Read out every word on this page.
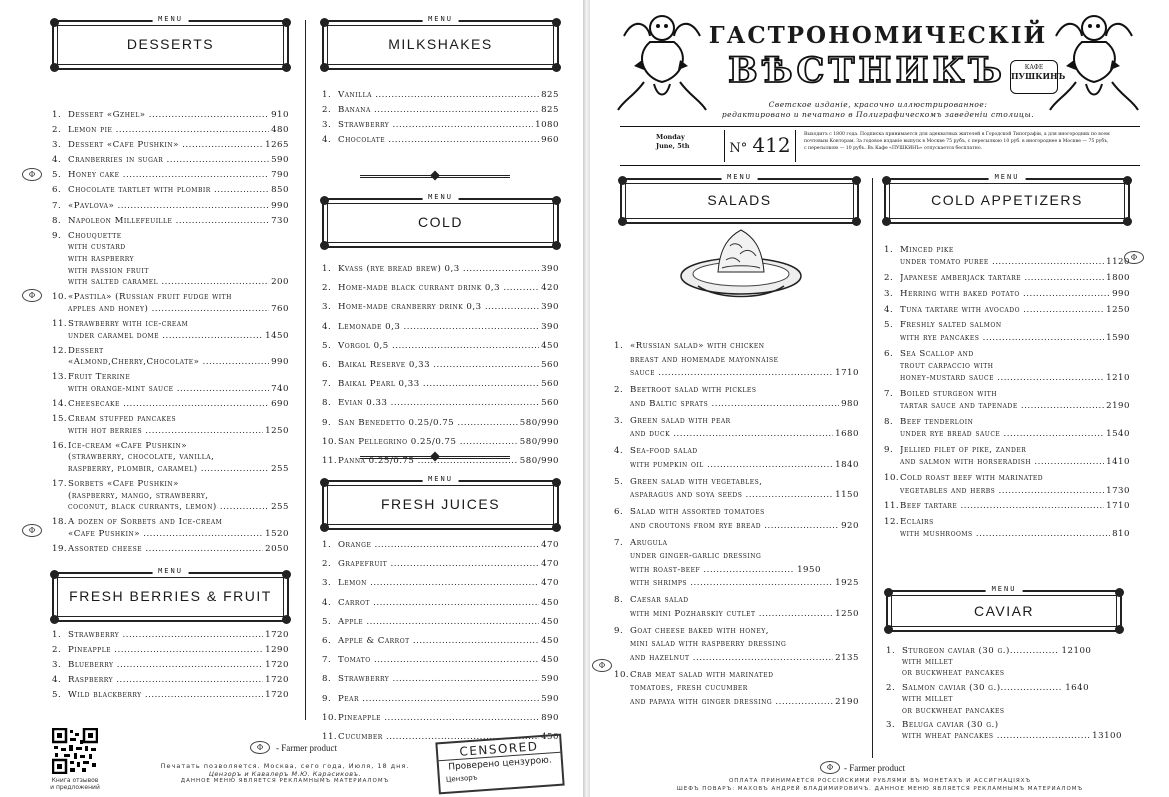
MENU
DESSERTS
1. Dessert «Gzhel» .....	910
2. Lemon pie .....	480
3. Dessert «Cafe Pushkin» .....	1265
4. Cranberries in sugar .....	590
5. Honey cake .....	790
6. Chocolate tartlet with plombir .....	850
7. «Pavlova» .....	990
8. Napoleon Millefeuille .....	730
9. Chouquette
with custard
with raspberry
with passion fruit
with salted caramel .....	200
10. «Pastila» (Russian fruit fudge with
apples and honey) .....	760
11. Strawberry with ice-cream
under caramel dome .....	1450
12. Dessert
«Almond,Cherry,Chocolate» .....	990
13. Fruit Terrine
with orange-mint sauce .....	740
14. Cheesecake .....	690
15. Cream stuffed pancakes
with hot berries .....	1250
16. Ice-cream «Cafe Pushkin»
(strawberry, chocolate, vanilla,
raspberry, plombir, caramel) .....	255
17. Sorbets «Cafe Pushkin»
(raspberry, mango, strawberry,
coconut, black currants, lemon) .....	255
18. A dozen of Sorbets and Ice-cream
«Cafe Pushkin» .....	1520
19. Assorted cheese .....	2050
MENU
FRESH BERRIES & FRUIT
1. Strawberry .....	1720
2. Pineapple .....	1290
3. Blueberry .....	1720
4. Raspberry .....	1720
5. Wild blackberry .....	1720
MENU
MILKSHAKES
1. Vanilla .....	825
2. Banana .....	825
3. Strawberry .....	1080
4. Chocolate .....	960
MENU
COLD
1. Kvass (rye bread brew) 0,3 .....	390
2. Home-made black currant drink 0,3 .....	420
3. Home-made cranberry drink 0,3 .....	390
4. Lemonade 0,3 .....	390
5. Vorgol 0,5 .....	450
6. Baikal Reserve 0,33 .....	560
7. Baikal Pearl 0,33 .....	560
8. Evian 0.33 .....	560
9. San Benedetto 0.25/0.75 .....	580/990
10. San Pellegrino 0.25/0.75 .....	580/990
11. Panna 0.25/0.75 .....	580/990
MENU
FRESH JUICES
1. Orange .....	470
2. Grapefruit .....	470
3. Lemon .....	470
4. Carrot .....	450
5. Apple .....	450
6. Apple & Carrot .....	450
7. Tomato .....	450
8. Strawberry .....	590
9. Pear .....	590
10. Pineapple .....	890
11. Cucumber .....	450
Φ
Φ
Φ
Книга отзывов
и предложений
Φ	- Farmer product
Печатать позволяется. Москва, сего года, Июля, 18 дня.
Цензоръ и Кавалеръ М.Ю. Карасиковъ.
ДАННОЕ МЕНЮ ЯВЛЯЕТСЯ РЕКЛАМНЫМЪ МАТЕРИАЛОМЪ
CENSORED
Проверено цензурою.
Цензоръ
ГАСТРОНОМИЧЕСКІЙ
ВѢСТНИКЪ	КАФЕ
ПУШКИНЪ
Светское изданіе, красочно иллюстрированное:
редактировано и печатано в Полиграфическомъ заведеніи столицы.
Monday
June, 5th	N° 412	Выходитъ с 1800 года. Подписка принимается для адекватных жителей в Городской Типографіи, а для иногородних по всем почтовым Конторам. За годовое изданіе выпуск в Москве 75 рубъ, с пересылкою 10 руб. в иногороднее в Москве — 75 рубъ, с пересылкою — 10 рубъ. Въ Кафе «ПУШКИНЪ» отпускается бесплатно.
MENU
SALADS
1. «Russian salad» with chicken
breast and homemade mayonnaise
sauce .....	1710
2. Beetroot salad with pickles
and Baltic sprats .....	980
3. Green salad with pear
and duck .....	1680
4. Sea-food salad
with pumpkin oil .....	1840
5. Green salad with vegetables,
asparagus and soya seeds .....	1150
6. Salad with assorted tomatoes
and croutons from rye bread .....	920
7. Arugula
under ginger-garlic dressing
with roast-beef ............................ 1950
with shrimps .....	1925
8. Caesar salad
with mini Pozharskiy cutlet .....	1250
9. Goat cheese baked with honey,
mini salad with raspberry dressing
and hazelnut .....	2135
10. Crab meat salad with marinated
tomatoes, fresh cucumber
and papaya with ginger dressing .....	2190
MENU
COLD APPETIZERS
1. Minced pike
under tomato puree .....	1120
2. Japanese amberjack tartare .....	1800
3. Herring with baked potato .....	990
4. Tuna tartare with avocado .....	1250
5. Freshly salted salmon
with rye pancakes .....	1590
6. Sea Scallop and
trout carpaccio with
honey-mustard sauce .....	1210
7. Boiled sturgeon with
tartar sauce and tapenade .....	2190
8. Beef tenderloin
under rye bread sauce .....	1540
9. Jellied filet of pike, zander
and salmon with horseradish .....	1410
10. Cold roast beef with marinated
vegetables and herbs .....	1730
11. Beef tartare .....	1710
12. Eclairs
with mushrooms .....	810
MENU
CAVIAR
1. Sturgeon caviar (30 g.)............... 12100
with millet
or buckwheat pancakes
2. Salmon caviar (30 g.)................... 1640
with millet
or buckwheat pancakes
3. Beluga caviar (30 g.)
with wheat pancakes .....	13100
Φ
Φ
Φ	- Farmer product
ОПЛАТА ПРИНИМАЕТСЯ РОССІЙСКИМИ РУБЛЯМИ ВЪ МОНЕТАХЪ И АССИГНАЦІЯХЪ
ШЕФЪ ПОВАРЪ: МАХОВЪ АНДРЕЙ ВЛАДИМИРОВИЧЪ. ДАННОЕ МЕНЮ ЯВЛЯЕТСЯ РЕКЛАМНЫМЪ МАТЕРИАЛОМЪ
